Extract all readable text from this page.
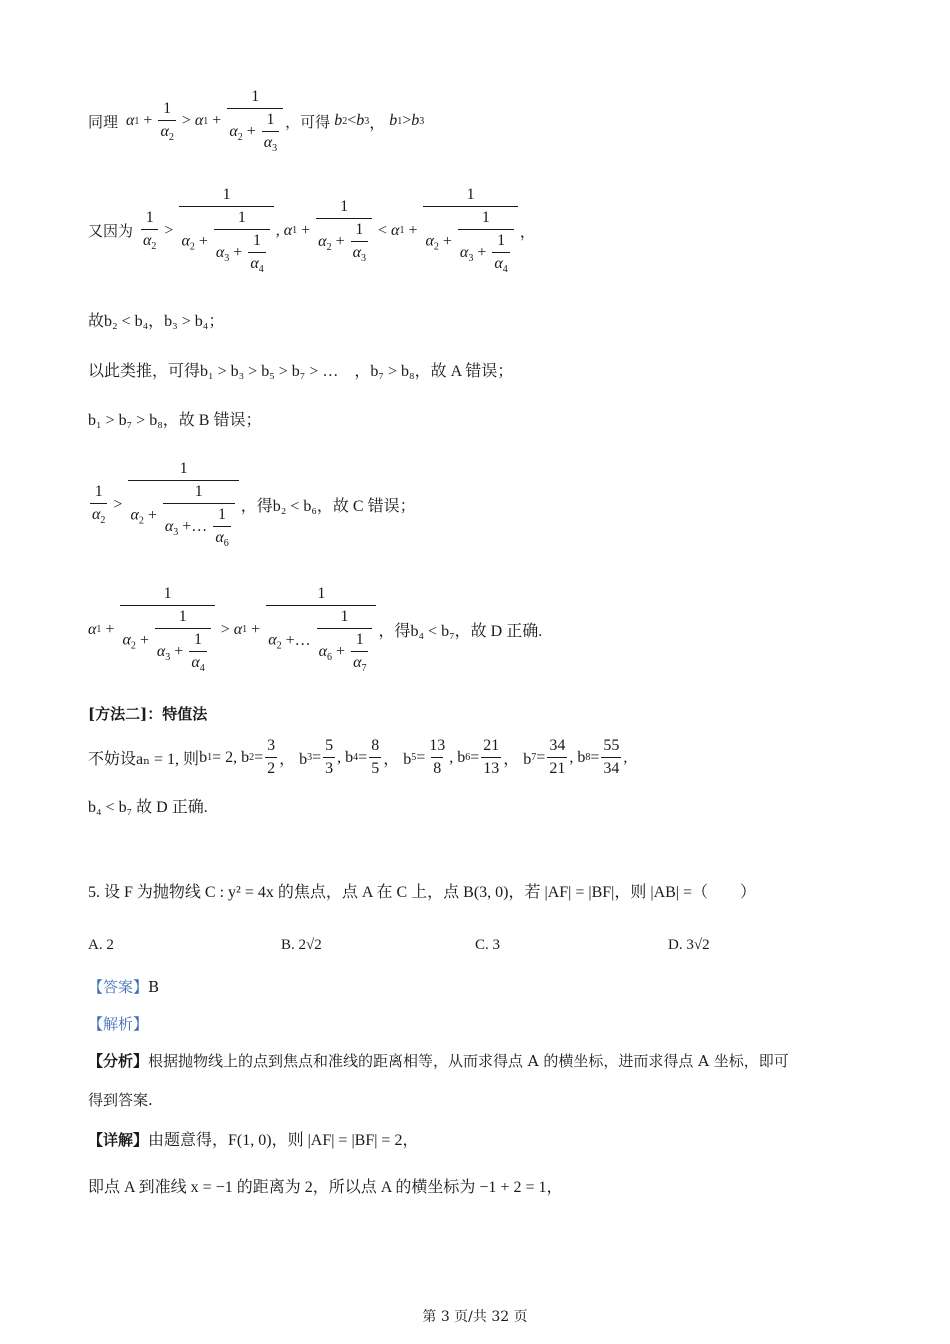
同理 α $1 + \frac{1}{\alpha_2} > \alpha$ $1 + \frac{1}{\alpha_2 + \frac{1}{\alpha_3}}$ ，可得 b 2 < b 3 ， b 1 > b 3
又因为 $\frac{1}{\alpha_2} > \frac{1}{\alpha_2 + \frac{1}{\alpha_3 + \frac{1}{\alpha_4}}}$ , α $1 + \frac{1}{\alpha_2 + \frac{1}{\alpha_3}} < \alpha$ $1 + \frac{1}{\alpha_2 + \frac{1}{\alpha_3 + \frac{1}{\alpha_4}}}$ ，
故b₂ < b₄，b₃ > b₄；
以此类推，可得b₁ > b₃ > b₅ > b₇ > …　，b₇ > b₈，故 A 错误；
b₁ > b₇ > b₈，故 B 错误；
$\frac{1}{\alpha_2} > \frac{1}{\alpha_2 + \frac{1}{\alpha_3 +\dots \frac{1}{\alpha_6}}}$ ，得b₂ < b₆，故 C 错误；
α $1 + \frac{1}{\alpha_2 + \frac{1}{\alpha_3 + \frac{1}{\alpha_4}}} > \alpha$ $1 + \frac{1}{\alpha_2 +\dots \frac{1}{\alpha_6 + \frac{1}{\alpha_7}}}$ ，得b₄ < b₇，故 D 正确.
[方法二]：特值法
不妨设aₙ = 1, 则 b 1 = 2, b $2 = \frac{3}{2}$ ， b $3 = \frac{5}{3}$ , b $4 = \frac{8}{5}$ ， b $5 = \frac{13}{8}$ , b $6 = \frac{21}{13}$ ， b $7 = \frac{34}{21}$ , b $8 = \frac{55}{34}$ ,
b₄ < b₇ 故 D 正确.
5. 设 F 为抛物线 C : y² = 4x 的焦点，点 A 在 C 上，点 B(3, 0)，若 |AF| = |BF|，则 |AB| =（　　）
A. 2	B. 2√2	C. 3	D. 3√2
【答案】B
【解析】
【分析】根据抛物线上的点到焦点和准线的距离相等，从而求得点 A 的横坐标，进而求得点 A 坐标，即可
得到答案.
【详解】由题意得，F(1, 0)，则 |AF| = |BF| = 2，
即点 A 到准线 x = −1 的距离为 2，所以点 A 的横坐标为 −1 + 2 = 1，
第 3 页/共 32 页
